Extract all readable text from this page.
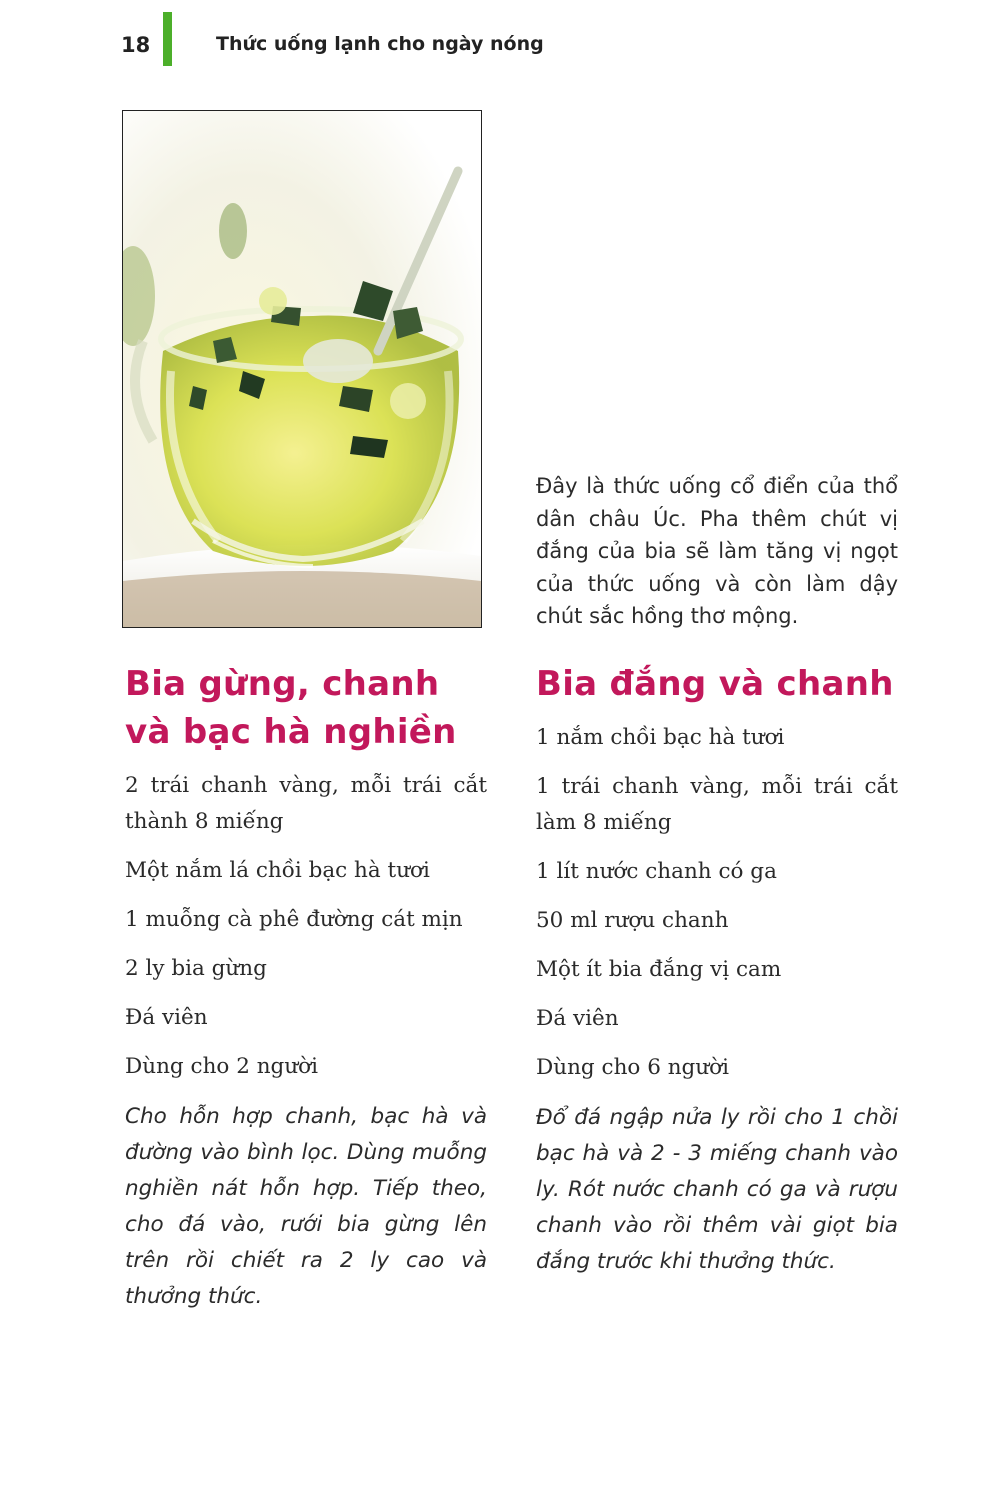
18	Thức uống lạnh cho ngày nóng

Đây là thức uống cổ điển của thổ dân châu Úc. Pha thêm chút vị đắng của bia sẽ làm tăng vị ngọt của thức uống và còn làm dậy chút sắc hồng thơ mộng.

Bia gừng, chanh và bạc hà nghiền
2 trái chanh vàng, mỗi trái cắt thành 8 miếng
Một nắm lá chồi bạc hà tươi
1 muỗng cà phê đường cát mịn
2 ly bia gừng
Đá viên
Dùng cho 2 người

Cho hỗn hợp chanh, bạc hà và đường vào bình lọc. Dùng muỗng nghiền nát hỗn hợp. Tiếp theo, cho đá vào, rưới bia gừng lên trên rồi chiết ra 2 ly cao và thưởng thức.

Bia đắng và chanh
1 nắm chồi bạc hà tươi
1 trái chanh vàng, mỗi trái cắt làm 8 miếng
1 lít nước chanh có ga
50 ml rượu chanh
Một ít bia đắng vị cam
Đá viên
Dùng cho 6 người

Đổ đá ngập nửa ly rồi cho 1 chồi bạc hà và 2 - 3 miếng chanh vào ly. Rót nước chanh có ga và rượu chanh vào rồi thêm vài giọt bia đắng trước khi thưởng thức.
